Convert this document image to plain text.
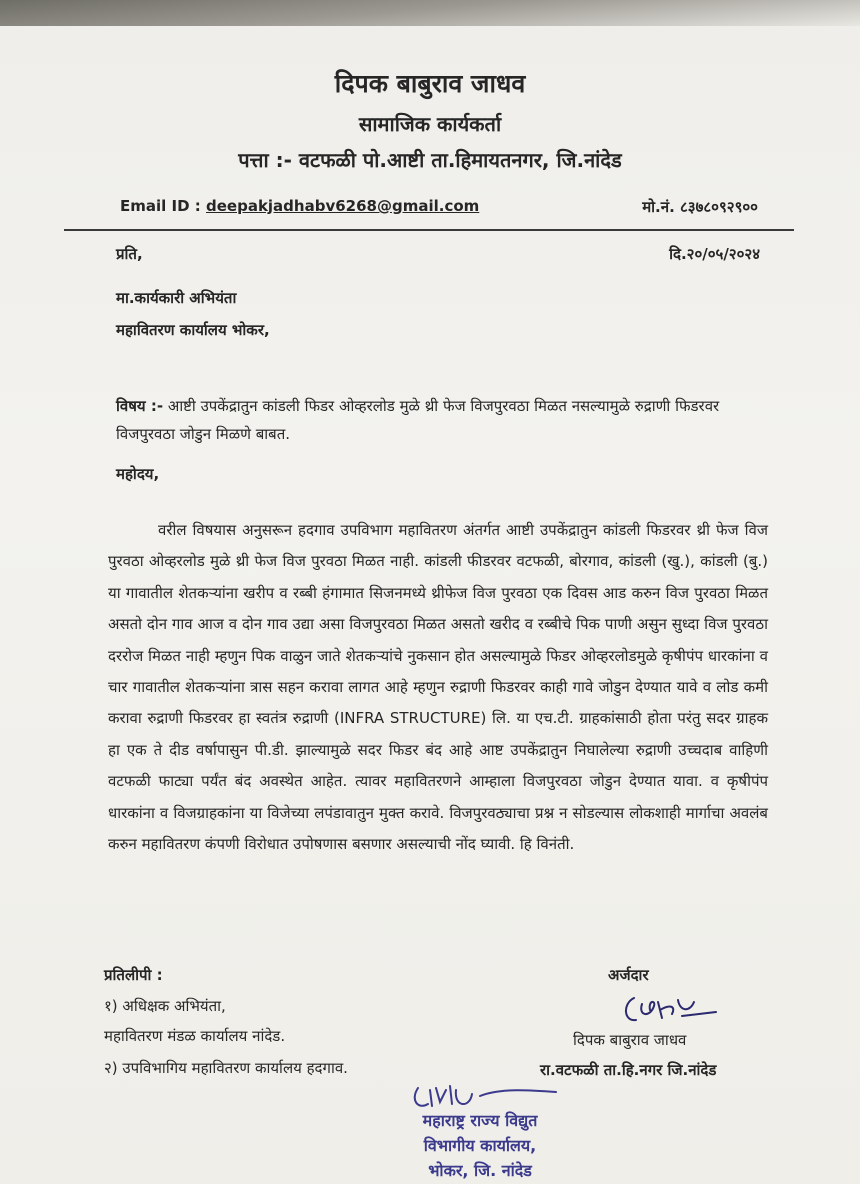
दिपक बाबुराव जाधव
सामाजिक कार्यकर्ता
पत्ता :- वटफळी पो.आष्टी ता.हिमायतनगर, जि.नांदेड
Email ID : deepakjadhabv6268@gmail.com	मो.नं. ८३७८०९२९००
प्रति,	दि.२०/०५/२०२४
मा.कार्यकारी अभियंता
महावितरण कार्यालय भोकर,
विषय :- आष्टी उपकेंद्रातुन कांडली फिडर ओव्हरलोड मुळे थ्री फेज विजपुरवठा मिळत नसल्यामुळे रुद्राणी फिडरवर विजपुरवठा जोडुन मिळणे बाबत.
महोदय,
वरील विषयास अनुसरून हदगाव उपविभाग महावितरण अंतर्गत आष्टी उपकेंद्रातुन कांडली फिडरवर थ्री फेज विज पुरवठा ओव्हरलोड मुळे थ्री फेज विज पुरवठा मिळत नाही. कांडली फीडरवर वटफळी, बोरगाव, कांडली (खु.), कांडली (बु.) या गावातील शेतकऱ्यांना खरीप व रब्बी हंगामात सिजनमध्ये थ्रीफेज विज पुरवठा एक दिवस आड करुन विज पुरवठा मिळत असतो दोन गाव आज व दोन गाव उद्या असा विजपुरवठा मिळत असतो खरीद व रब्बीचे पिक पाणी असुन सुध्दा विज पुरवठा दररोज मिळत नाही म्हणुन पिक वाळुन जाते शेतकऱ्यांचे नुकसान होत असल्यामुळे फिडर ओव्हरलोडमुळे कृषीपंप धारकांना व चार गावातील शेतकऱ्यांना त्रास सहन करावा लागत आहे म्हणुन रुद्राणी फिडरवर काही गावे जोडुन देण्यात यावे व लोड कमी करावा रुद्राणी फिडरवर हा स्वतंत्र रुद्राणी (INFRA STRUCTURE) लि. या एच.टी. ग्राहकांसाठी होता परंतु सदर ग्राहक हा एक ते दीड वर्षापासुन पी.डी. झाल्यामुळे सदर फिडर बंद आहे आष्ट उपकेंद्रातुन निघालेल्या रुद्राणी उच्चदाब वाहिणी वटफळी फाट्या पर्यंत बंद अवस्थेत आहेत. त्यावर महावितरणने आम्हाला विजपुरवठा जोडुन देण्यात यावा. व कृषीपंप धारकांना व विजग्राहकांना या विजेच्या लपंडावातुन मुक्त करावे. विजपुरवठ्याचा प्रश्न न सोडल्यास लोकशाही मार्गाचा अवलंब करुन महावितरण कंपणी विरोधात उपोषणास बसणार असल्याची नोंद घ्यावी. हि विनंती.
प्रतिलीपी :
१) अधिक्षक अभियंता,
महावितरण मंडळ कार्यालय नांदेड.
२) उपविभागिय महावितरण कार्यालय हदगाव.
अर्जदार
दिपक बाबुराव जाधव
रा.वटफळी ता.हि.नगर जि.नांदेड
महाराष्ट्र राज्य विद्युत
विभागीय कार्यालय,
भोकर, जि. नांदेड
